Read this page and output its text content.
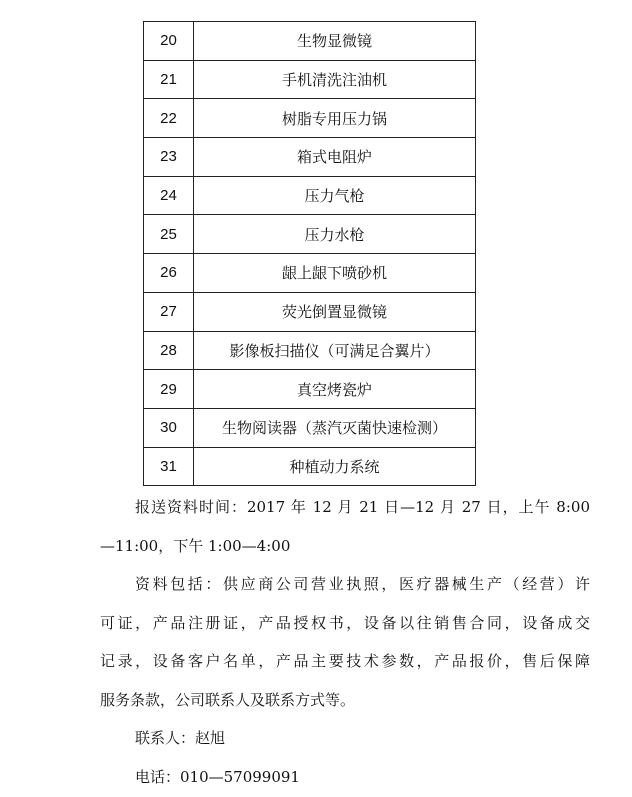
20	生物显微镜
21	手机清洗注油机
22	树脂专用压力锅
23	箱式电阻炉
24	压力气枪
25	压力水枪
26	龈上龈下喷砂机
27	荧光倒置显微镜
28	影像板扫描仪（可满足合翼片）
29	真空烤瓷炉
30	生物阅读器（蒸汽灭菌快速检测）
31	种植动力系统
报送资料时间：2017 年 12 月 21 日—12 月 27 日，上午 8:00
—11:00，下午 1:00—4:00
资料包括：供应商公司营业执照，医疗器械生产（经营）许
可证，产品注册证，产品授权书，设备以往销售合同，设备成交
记录，设备客户名单，产品主要技术参数，产品报价，售后保障
服务条款，公司联系人及联系方式等。
联系人：赵旭
电话：010—57099091
